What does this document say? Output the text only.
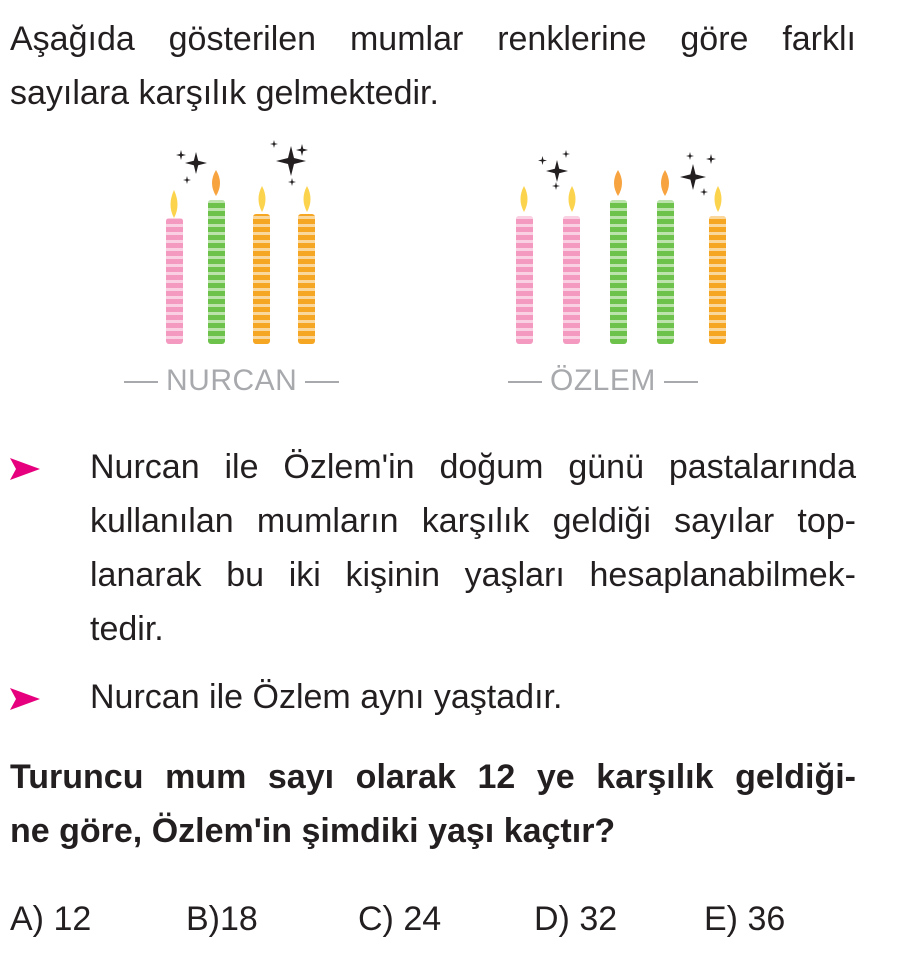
Aşağıda gösterilen mumlar renklerine göre farklı
sayılara karşılık gelmektedir.
NURCAN	ÖZLEM
Nurcan ile Özlem'in doğum günü pastalarında
kullanılan mumların karşılık geldiği sayılar top-
lanarak bu iki kişinin yaşları hesaplanabilmek-
tedir.
Nurcan ile Özlem aynı yaştadır.
Turuncu mum sayı olarak 12 ye karşılık geldiği-
ne göre, Özlem'in şimdiki yaşı kaçtır?
A) 12	B)18	C) 24	D) 32	E) 36
